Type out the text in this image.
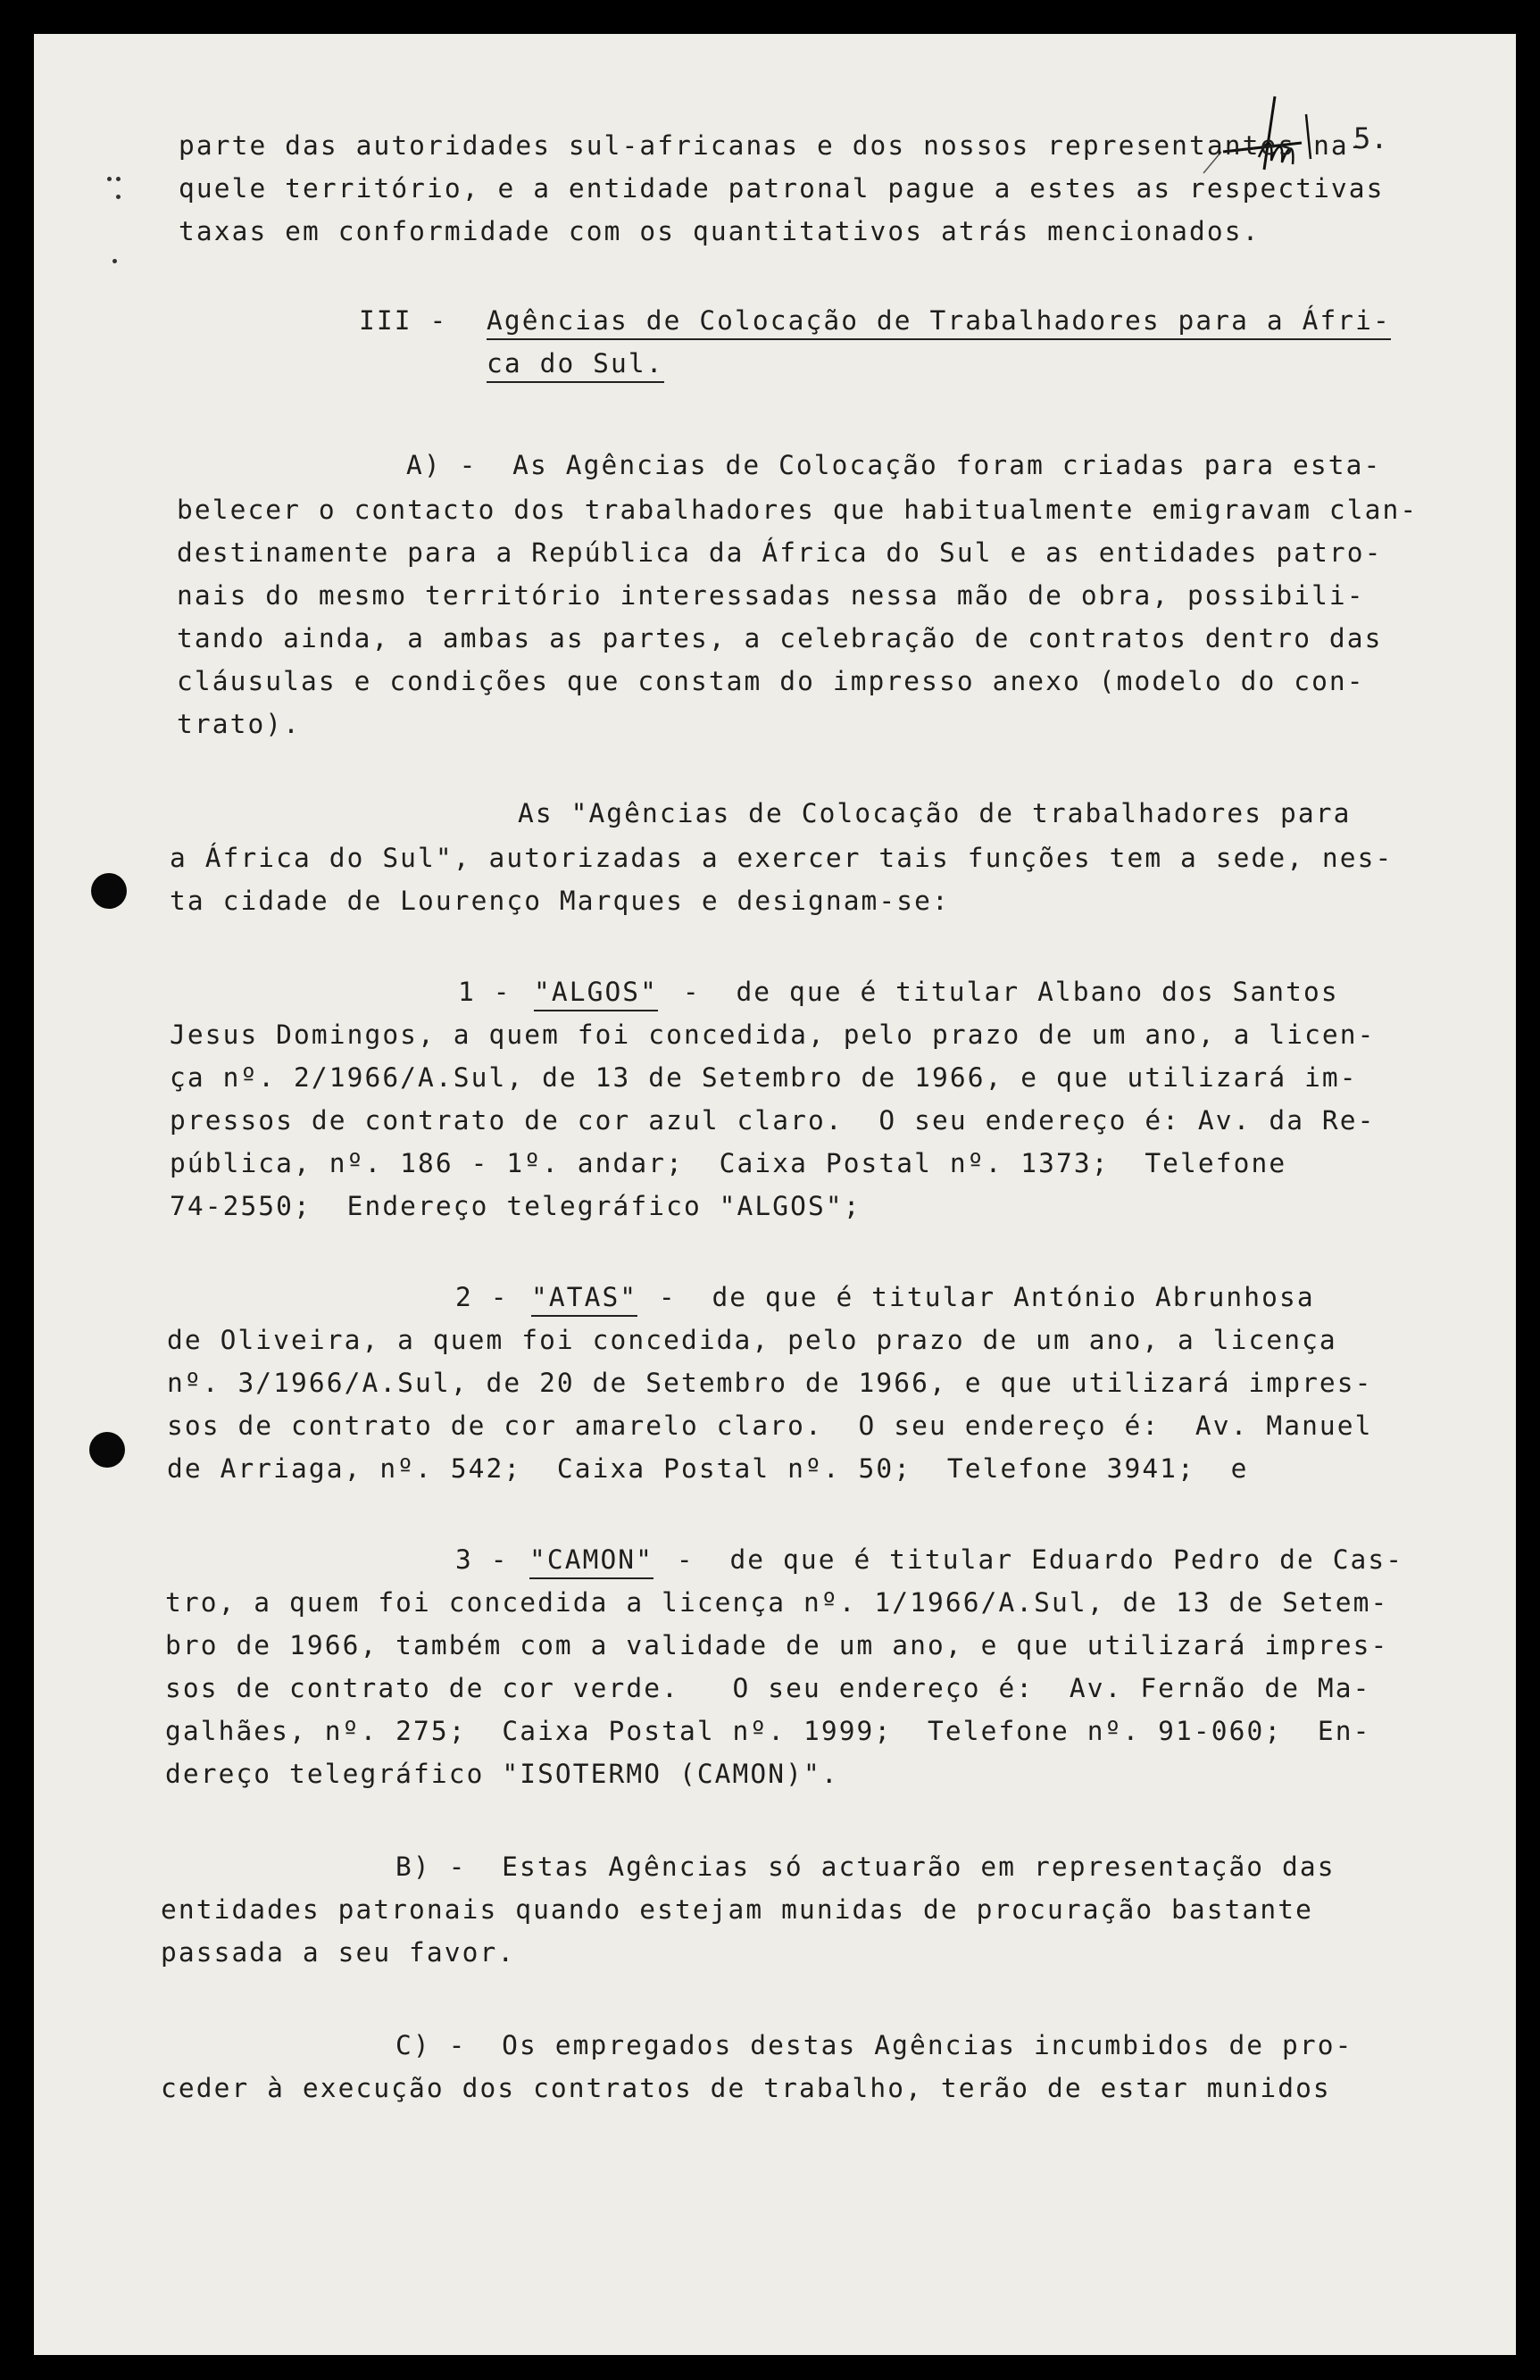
5.
parte das autoridades sul-africanas e dos nossos representantes na-
quele território, e a entidade patronal pague a estes as respectivas
taxas em conformidade com os quantitativos atrás mencionados.
III - Agências de Colocação de Trabalhadores para a Áfri-
ca do Sul.
A) -  As Agências de Colocação foram criadas para esta-
belecer o contacto dos trabalhadores que habitualmente emigravam clan-
destinamente para a República da África do Sul e as entidades patro-
nais do mesmo território interessadas nessa mão de obra, possibili-
tando ainda, a ambas as partes, a celebração de contratos dentro das
cláusulas e condições que constam do impresso anexo (modelo do con-
trato).
As "Agências de Colocação de trabalhadores para
a África do Sul", autorizadas a exercer tais funções tem a sede, nes-
ta cidade de Lourenço Marques e designam-se:
1 - "ALGOS" -  de que é titular Albano dos Santos
Jesus Domingos, a quem foi concedida, pelo prazo de um ano, a licen-
ça nº. 2/1966/A.Sul, de 13 de Setembro de 1966, e que utilizará im-
pressos de contrato de cor azul claro.  O seu endereço é: Av. da Re-
pública, nº. 186 - 1º. andar;  Caixa Postal nº. 1373;  Telefone
74-2550;  Endereço telegráfico "ALGOS";
2 - "ATAS" -  de que é titular António Abrunhosa
de Oliveira, a quem foi concedida, pelo prazo de um ano, a licença
nº. 3/1966/A.Sul, de 20 de Setembro de 1966, e que utilizará impres-
sos de contrato de cor amarelo claro.  O seu endereço é:  Av. Manuel
de Arriaga, nº. 542;  Caixa Postal nº. 50;  Telefone 3941;  e
3 - "CAMON" -  de que é titular Eduardo Pedro de Cas-
tro, a quem foi concedida a licença nº. 1/1966/A.Sul, de 13 de Setem-
bro de 1966, também com a validade de um ano, e que utilizará impres-
sos de contrato de cor verde.   O seu endereço é:  Av. Fernão de Ma-
galhães, nº. 275;  Caixa Postal nº. 1999;  Telefone nº. 91-060;  En-
dereço telegráfico "ISOTERMO (CAMON)".
B) -  Estas Agências só actuarão em representação das
entidades patronais quando estejam munidas de procuração bastante
passada a seu favor.
C) -  Os empregados destas Agências incumbidos de pro-
ceder à execução dos contratos de trabalho, terão de estar munidos
